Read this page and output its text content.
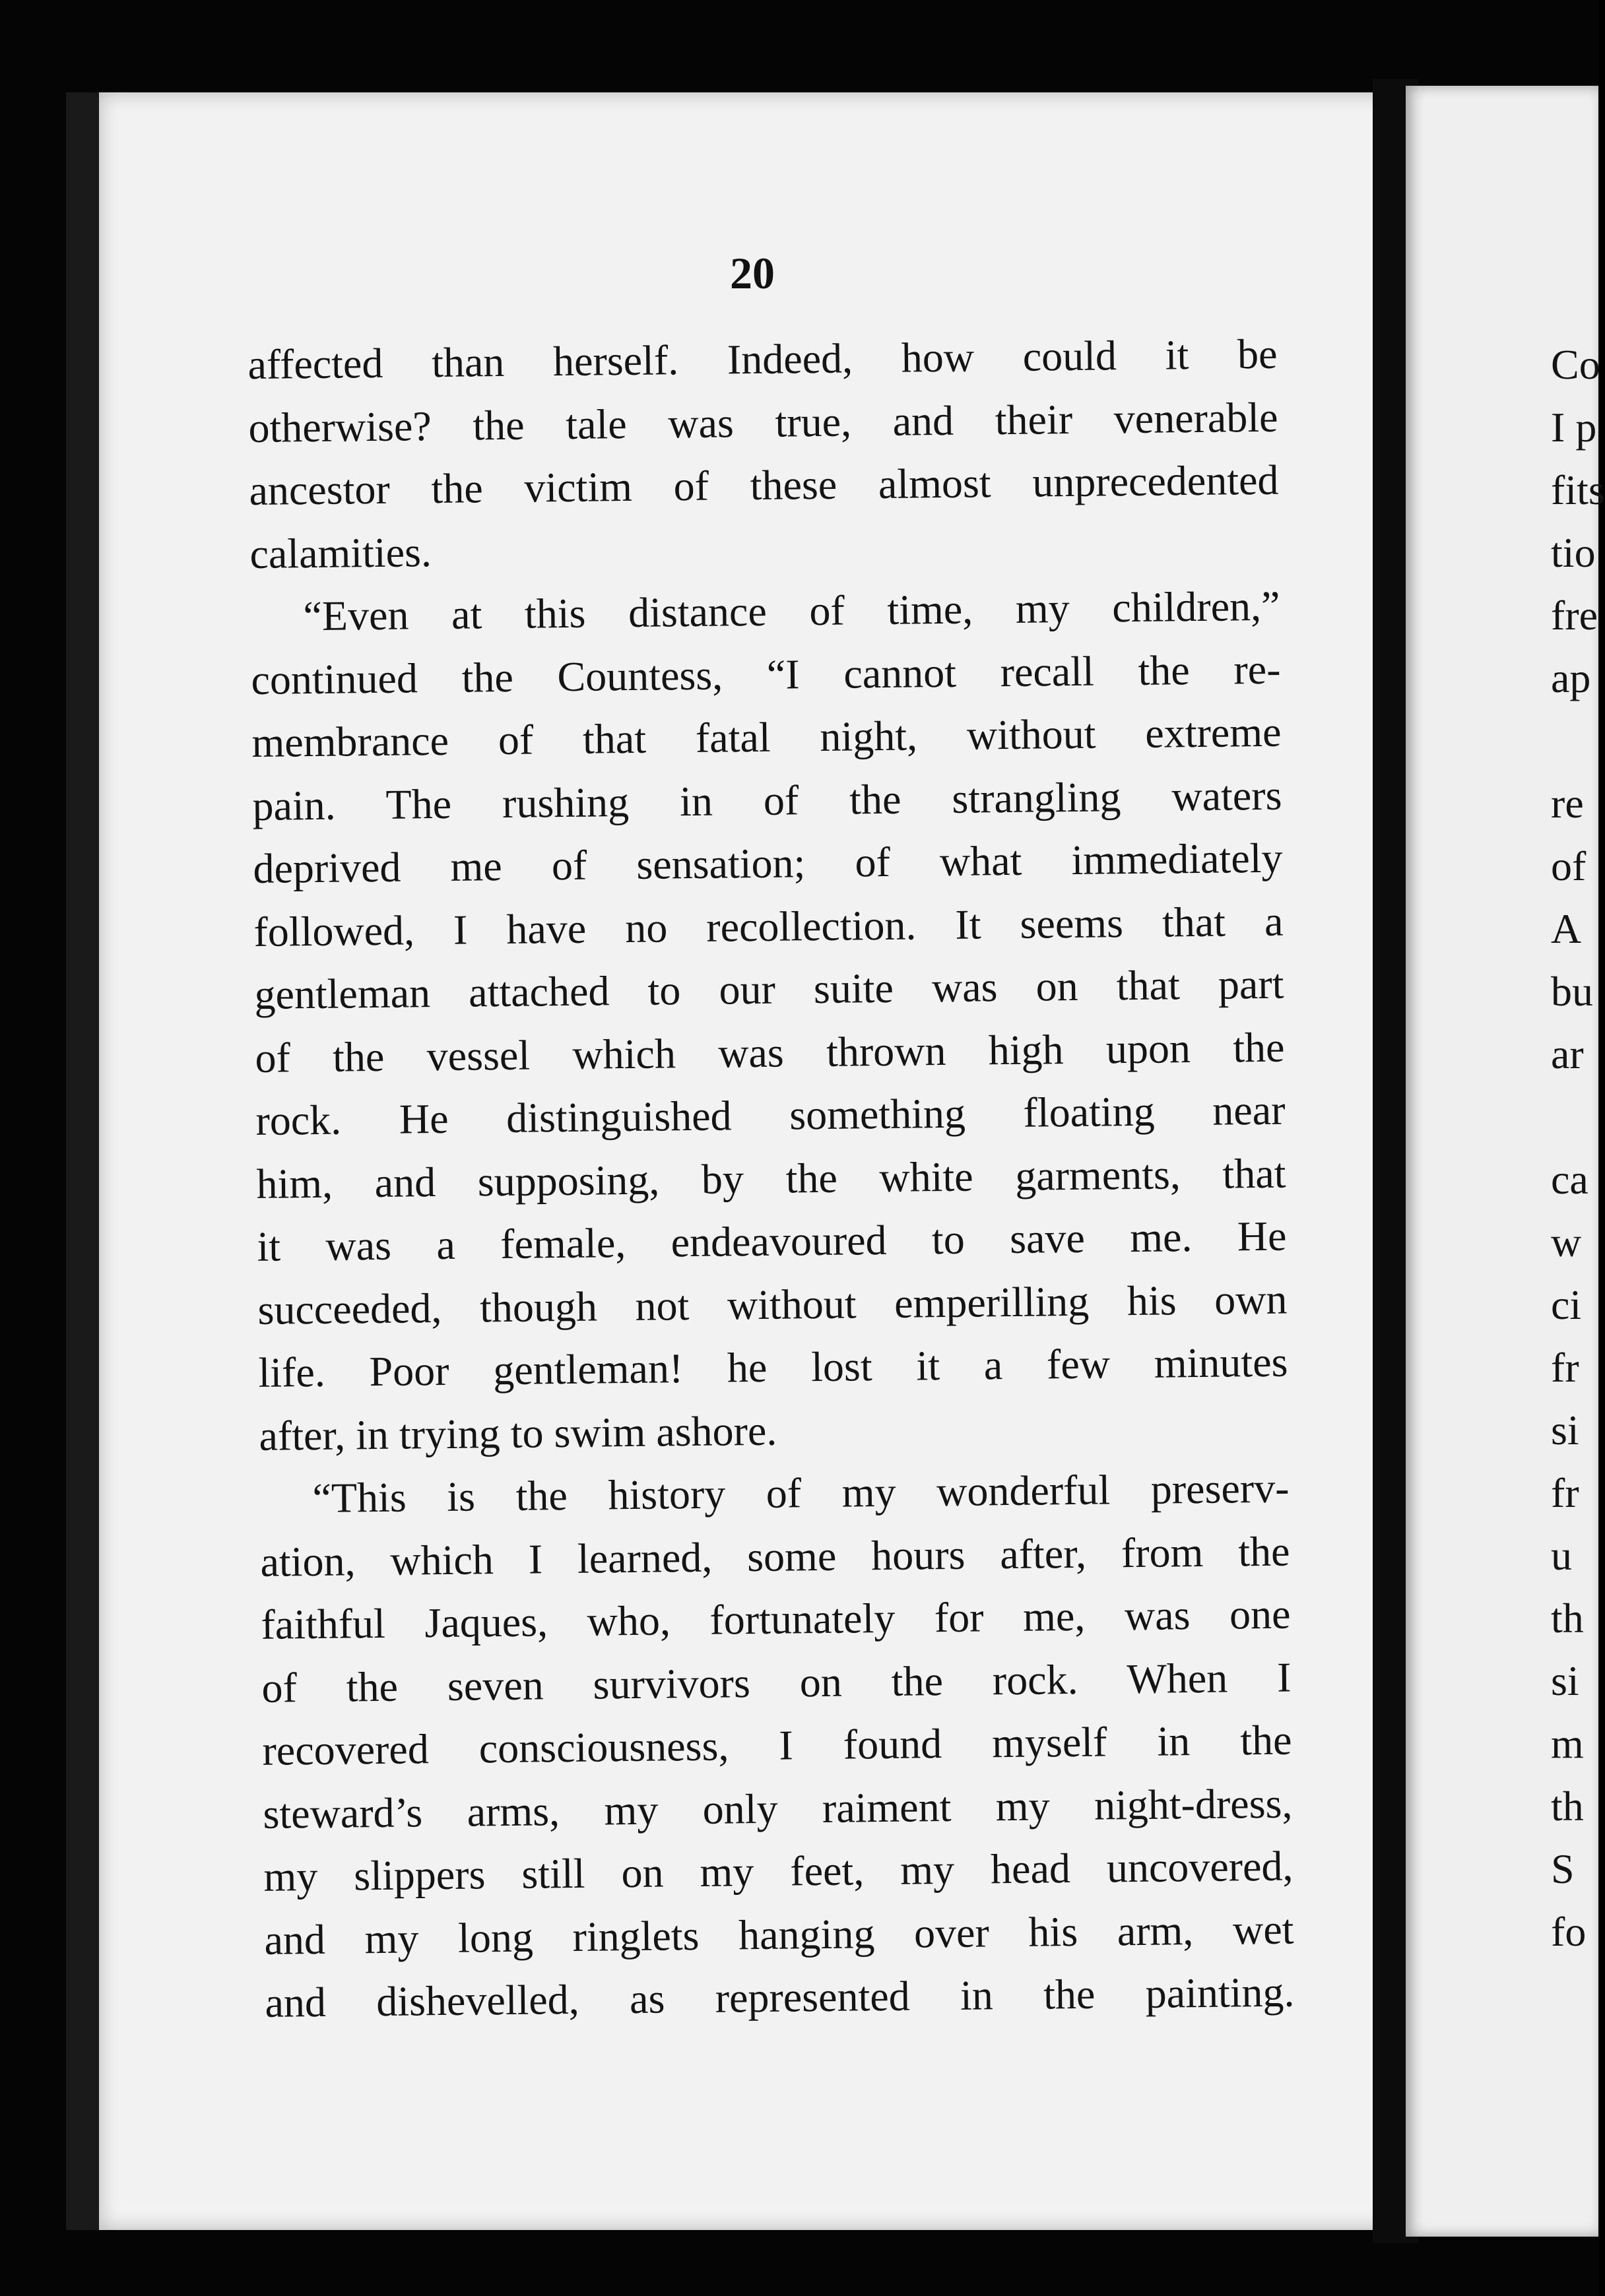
20
affected than herself. Indeed, how could it be
otherwise? the tale was true, and their venerable
ancestor the victim of these almost unprecedented
calamities.
“Even at this distance of time, my children,”
continued the Countess, “I cannot recall the re-
membrance of that fatal night, without extreme
pain. The rushing in of the strangling waters
deprived me of sensation; of what immediately
followed, I have no recollection. It seems that a
gentleman attached to our suite was on that part
of the vessel which was thrown high upon the
rock. He distinguished something floating near
him, and supposing, by the white garments, that
it was a female, endeavoured to save me. He
succeeded, though not without emperilling his own
life. Poor gentleman! he lost it a few minutes
after, in trying to swim ashore.
“This is the history of my wonderful preserv-
ation, which I learned, some hours after, from the
faithful Jaques, who, fortunately for me, was one
of the seven survivors on the rock. When I
recovered consciousness, I found myself in the
steward’s arms, my only raiment my night-dress,
my slippers still on my feet, my head uncovered,
and my long ringlets hanging over his arm, wet
and dishevelled, as represented in the painting.
Co
I p
fits
tio
fre
ap
re
of
A
bu
ar
ca
w
ci
fr
si
fr
u
th
si
m
th
S
fo
